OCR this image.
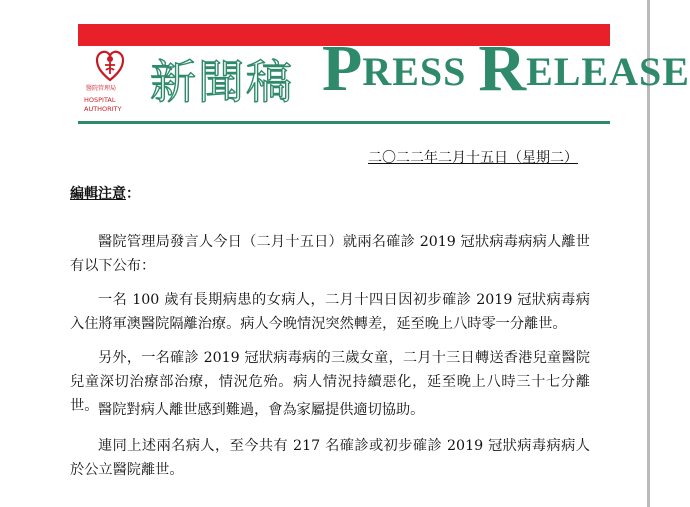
醫院管理局
HOSPITAL
AUTHORITY 新聞稿 PRESS RELEASE
二〇二二年二月十五日（星期二）
編輯注意：

醫院管理局發言人今日（二月十五日）就兩名確診 2019 冠狀病毒病病人離世有以下公布：

一名 100 歲有長期病患的女病人，二月十四日因初步確診 2019 冠狀病毒病入住將軍澳醫院隔離治療。病人今晚情況突然轉差，延至晚上八時零一分離世。

另外，一名確診 2019 冠狀病毒病的三歲女童，二月十三日轉送香港兒童醫院兒童深切治療部治療，情況危殆。病人情況持續惡化，延至晚上八時三十七分離世。 醫院對病人離世感到難過，會為家屬提供適切協助。

連同上述兩名病人，至今共有 217 名確診或初步確診 2019 冠狀病毒病病人於公立醫院離世。
